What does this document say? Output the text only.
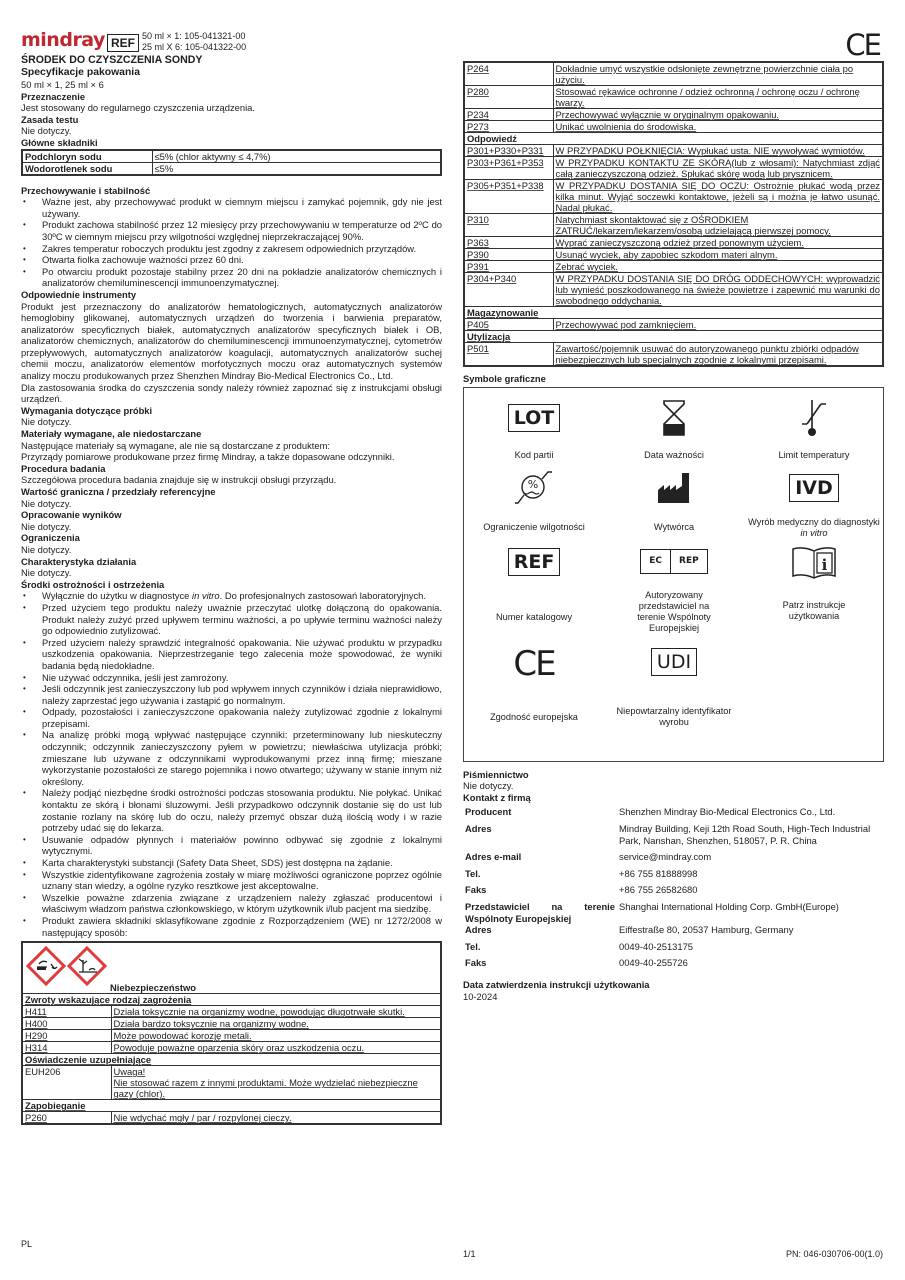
mindray REF 50 ml × 1: 105-041321-00
25 ml X 6: 105-041322-00
ŚRODEK DO CZYSZCZENIA SONDY
Specyfikacje pakowania

50 ml × 1, 25 ml × 6

Przeznaczenie

Jest stosowany do regularnego czyszczenia urządzenia.

Zasada testu

Nie dotyczy.

Główne składniki
Podchloryn sodu	≤5% (chlor aktywny ≤ 4,7%)
Wodorotlenek sodu	≤5%
Przechowywanie i stabilność
• Ważne jest, aby przechowywać produkt w ciemnym miejscu i zamykać pojemnik, gdy nie jest używany.
• Produkt zachowa stabilność przez 12 miesięcy przy przechowywaniu w temperaturze od 2ºC do 30ºC w ciemnym miejscu przy wilgotności względnej nieprzekraczającej 90%.
• Zakres temperatur roboczych produktu jest zgodny z zakresem odpowiednich przyrządów.
• Otwarta fiolka zachowuje ważności przez 60 dni.
• Po otwarciu produkt pozostaje stabilny przez 20 dni na pokładzie analizatorów chemicznych i analizatorów chemiluminescencji immunoenzymatycznej.
Odpowiednie instrumenty

Produkt jest przeznaczony do analizatorów hematologicznych, automatycznych analizatorów hemoglobiny glikowanej, automatycznych urządzeń do tworzenia i barwienia preparatów, analizatorów specyficznych białek, automatycznych analizatorów specyficznych białek i OB, analizatorów chemicznych, analizatorów do chemiluminescencji immunoenzymatycznej, cytometrów przepływowych, automatycznych analizatorów koagulacji, automatycznych analizatorów suchej chemii moczu, analizatorów elementów morfotycznych moczu oraz automatycznych systemów analizy moczu produkowanych przez Shenzhen Mindray Bio-Medical Electronics Co., Ltd.

Dla zastosowania środka do czyszczenia sondy należy również zapoznać się z instrukcjami obsługi urządzeń.

Wymagania dotyczące próbki

Nie dotyczy.

Materiały wymagane, ale niedostarczane

Następujące materiały są wymagane, ale nie są dostarczane z produktem:

Przyrządy pomiarowe produkowane przez firmę Mindray, a także dopasowane odczynniki.

Procedura badania

Szczegółowa procedura badania znajduje się w instrukcji obsługi przyrządu.

Wartość graniczna / przedziały referencyjne

Nie dotyczy.

Opracowanie wyników

Nie dotyczy.

Ograniczenia

Nie dotyczy.

Charakterystyka działania

Nie dotyczy.

Środki ostrożności i ostrzeżenia
• Wyłącznie do użytku w diagnostyce in vitro. Do profesjonalnych zastosowań laboratoryjnych.
• Przed użyciem tego produktu należy uważnie przeczytać ulotkę dołączoną do opakowania. Produkt należy zużyć przed upływem terminu ważności, a po upływie terminu ważności należy go odpowiednio zutylizować.
• Przed użyciem należy sprawdzić integralność opakowania. Nie używać produktu w przypadku uszkodzenia opakowania. Nieprzestrzeganie tego zalecenia może spowodować, że wyniki badania będą niedokładne.
• Nie używać odczynnika, jeśli jest zamrożony.
• Jeśli odczynnik jest zanieczyszczony lub pod wpływem innych czynników i działa nieprawidłowo, należy zaprzestać jego używania i zastąpić go normalnym.
• Odpady, pozostałości i zanieczyszczone opakowania należy zutylizować zgodnie z lokalnymi przepisami.
• Na analizę próbki mogą wpływać następujące czynniki: przeterminowany lub nieskuteczny odczynnik; odczynnik zanieczyszczony pyłem w powietrzu; niewłaściwa utylizacja próbki; zmieszane lub używane z odczynnikami wyprodukowanymi przez inną firmę; mieszane wykorzystanie pozostałości ze starego pojemnika i nowo otwartego; używany w stanie innym niż określony.
• Należy podjąć niezbędne środki ostrożności podczas stosowania produktu. Nie połykać. Unikać kontaktu ze skórą i błonami śluzowymi. Jeśli przypadkowo odczynnik dostanie się do ust lub zostanie rozlany na skórę lub do oczu, należy przemyć obszar dużą ilością wody i w razie potrzeby udać się do lekarza.
• Usuwanie odpadów płynnych i materiałów powinno odbywać się zgodnie z lokalnymi wytycznymi.
• Karta charakterystyki substancji (Safety Data Sheet, SDS) jest dostępna na żądanie.
• Wszystkie zidentyfikowane zagrożenia zostały w miarę możliwości ograniczone poprzez ogólnie uznany stan wiedzy, a ogólne ryzyko resztkowe jest akceptowalne.
• Wszelkie poważne zdarzenia związane z urządzeniem należy zgłaszać producentowi i właściwym władzom państwa członkowskiego, w którym użytkownik i/lub pacjent ma siedzibę.
• Produkt zawiera składniki sklasyfikowane zgodnie z Rozporządzeniem (WE) nr 1272/2008 w następujący sposób:
Niebezpieczeństwo	

Zwroty wskazujące rodzaj zagrożenia	
H411	Działa toksycznie na organizmy wodne, powodując długotrwałe skutki.
H400	Działa bardzo toksycznie na organizmy wodne.
H290	Może powodować korozję metali.
H314	Powoduje poważne oparzenia skóry oraz uszkodzenia oczu.
Oświadczenie uzupełniające	
EUH206	Uwaga!
Nie stosować razem z innymi produktami. Może wydzielać niebezpieczne gazy (chlor).

Zapobieganie	
P260	Nie wdychać mgły / par / rozpylonej cieczy.
PL
CE
P264	Dokładnie umyć wszystkie odsłonięte zewnętrzne powierzchnie ciała po użyciu.
P280	Stosować rękawice ochronne / odzież ochronną / ochronę oczu / ochronę twarzy.
P234	Przechowywać wyłącznie w oryginalnym opakowaniu.
P273	Unikać uwolnienia do środowiska.
Odpowiedź	
P301+P330+P331	W PRZYPADKU POŁKNIĘCIA: Wypłukać usta. NIE wywoływać wymiotów.
P303+P361+P353	W PRZYPADKU KONTAKTU ZE SKÓRĄ(lub z włosami): Natychmiast zdjąć całą zanieczyszczoną odzież. Spłukać skórę wodą lub prysznicem.
P305+P351+P338	W PRZYPADKU DOSTANIA SIĘ DO OCZU: Ostrożnie płukać wodą przez kilka minut. Wyjąć soczewki kontaktowe, jeżeli są i można je łatwo usunąć. Nadal płukać.
P310	Natychmiast skontaktować się z OŚRODKIEM ZATRUĆ/lekarzem/lekarzem/osobą udzielającą pierwszej pomocy.
P363	Wyprać zanieczyszczoną odzież przed ponownym użyciem.
P390	Usunąć wyciek, aby zapobiec szkodom materi alnym.
P391	Zebrać wyciek.
P304+P340	W PRZYPADKU DOSTANIA SIĘ DO DRÓG ODDECHOWYCH: wyprowadzić lub wynieść poszkodowanego na świeże powietrze i zapewnić mu warunki do swobodnego oddychania.
Magazynowanie	
P405	Przechowywać pod zamknięciem.
Utylizacja	
P501	Zawartość/pojemnik usuwać do autoryzowanego punktu zbiórki odpadów niebezpiecznych lub specjalnych zgodnie z lokalnymi przepisami.
Symbole graficzne
LOT
Kod partii	Data ważności	Limit temperatury
%
Ograniczenie wilgotności	Wytwórca
IVD
Wyrób medyczny do diagnostyki in vitro
REF
Numer katalogowy
EC	REP
Autoryzowany przedstawiciel na terenie Wspólnoty Europejskiej
i
Patrz instrukcje użytkowania
CE
Zgodność europejska
UDI
Niepowtarzalny identyfikator wyrobu
Piśmiennictwo

Nie dotyczy.

Kontakt z firmą
Producent	Shenzhen Mindray Bio-Medical Electronics Co., Ltd.
Adres	Mindray Building, Keji 12th Road South, High-Tech Industrial Park, Nanshan, Shenzhen, 518057, P. R. China
Adres e-mail	service@mindray.com
Tel.	+86 755 81888998
Faks	+86 755 26582680
Przedstawiciel na terenie Wspólnoty Europejskiej
Shanghai International Holding Corp. GmbH(Europe)
Adres	Eiffestraße 80, 20537 Hamburg, Germany
Tel.	0049-40-2513175
Faks	0049-40-255726
Data zatwierdzenia instrukcji użytkowania

10-2024

1/1	PN: 046-030706-00(1.0)
